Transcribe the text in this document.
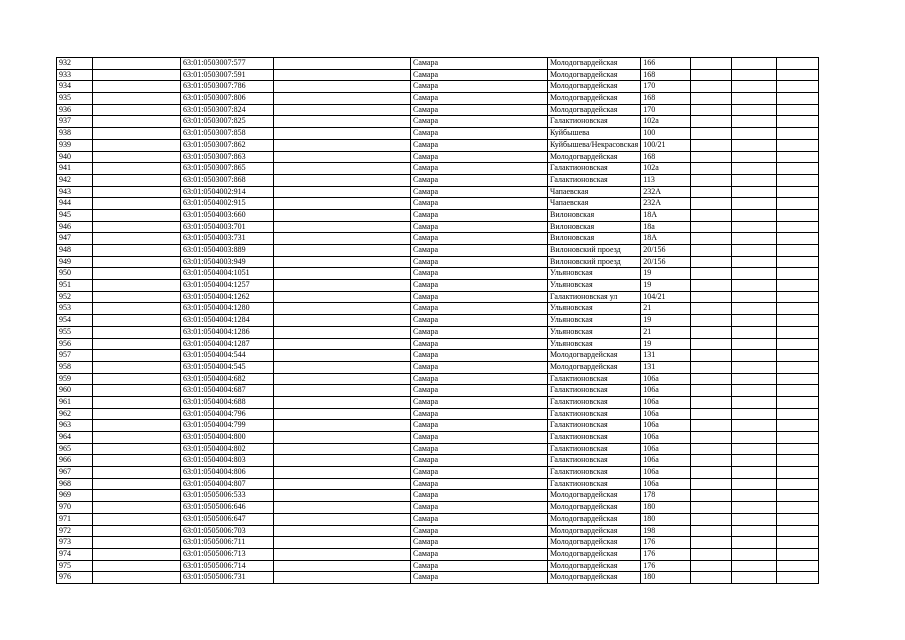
932		63:01:0503007:577		Самара	Молодогвардейская	166			
933		63:01:0503007:591		Самара	Молодогвардейская	168			
934		63:01:0503007:786		Самара	Молодогвардейская	170			
935		63:01:0503007:806		Самара	Молодогвардейская	168			
936		63:01:0503007:824		Самара	Молодогвардейская	170			
937		63:01:0503007:825		Самара	Галактионовская	102а			
938		63:01:0503007:858		Самара	Куйбышева	100			
939		63:01:0503007:862		Самара	Куйбышева/Некрасовская	100/21			
940		63:01:0503007:863		Самара	Молодогвардейская	168			
941		63:01:0503007:865		Самара	Галактионовская	102а			
942		63:01:0503007:868		Самара	Галактионовская	113			
943		63:01:0504002:914		Самара	Чапаевская	232А			
944		63:01:0504002:915		Самара	Чапаевская	232А			
945		63:01:0504003:660		Самара	Вилоновская	18А			
946		63:01:0504003:701		Самара	Вилоновская	18а			
947		63:01:0504003:731		Самара	Вилоновская	18А			
948		63:01:0504003:889		Самара	Вилоновский проезд	20/156			
949		63:01:0504003:949		Самара	Вилоновский проезд	20/156			
950		63:01:0504004:1051		Самара	Ульяновская	19			
951		63:01:0504004:1257		Самара	Ульяновская	19			
952		63:01:0504004:1262		Самара	Галактионовская ул	104/21			
953		63:01:0504004:1280		Самара	Ульяновская	21			
954		63:01:0504004:1284		Самара	Ульяновская	19			
955		63:01:0504004:1286		Самара	Ульяновская	21			
956		63:01:0504004:1287		Самара	Ульяновская	19			
957		63:01:0504004:544		Самара	Молодогвардейская	131			
958		63:01:0504004:545		Самара	Молодогвардейская	131			
959		63:01:0504004:682		Самара	Галактионовская	106а			
960		63:01:0504004:687		Самара	Галактионовская	106а			
961		63:01:0504004:688		Самара	Галактионовская	106а			
962		63:01:0504004:796		Самара	Галактионовская	106а			
963		63:01:0504004:799		Самара	Галактионовская	106а			
964		63:01:0504004:800		Самара	Галактионовская	106а			
965		63:01:0504004:802		Самара	Галактионовская	106а			
966		63:01:0504004:803		Самара	Галактионовская	106а			
967		63:01:0504004:806		Самара	Галактионовская	106а			
968		63:01:0504004:807		Самара	Галактионовская	106а			
969		63:01:0505006:533		Самара	Молодогвардейская	178			
970		63:01:0505006:646		Самара	Молодогвардейская	180			
971		63:01:0505006:647		Самара	Молодогвардейская	180			
972		63:01:0505006:703		Самара	Молодогвардейская	198			
973		63:01:0505006:711		Самара	Молодогвардейская	176			
974		63:01:0505006:713		Самара	Молодогвардейская	176			
975		63:01:0505006:714		Самара	Молодогвардейская	176			
976		63:01:0505006:731		Самара	Молодогвардейская	180			
